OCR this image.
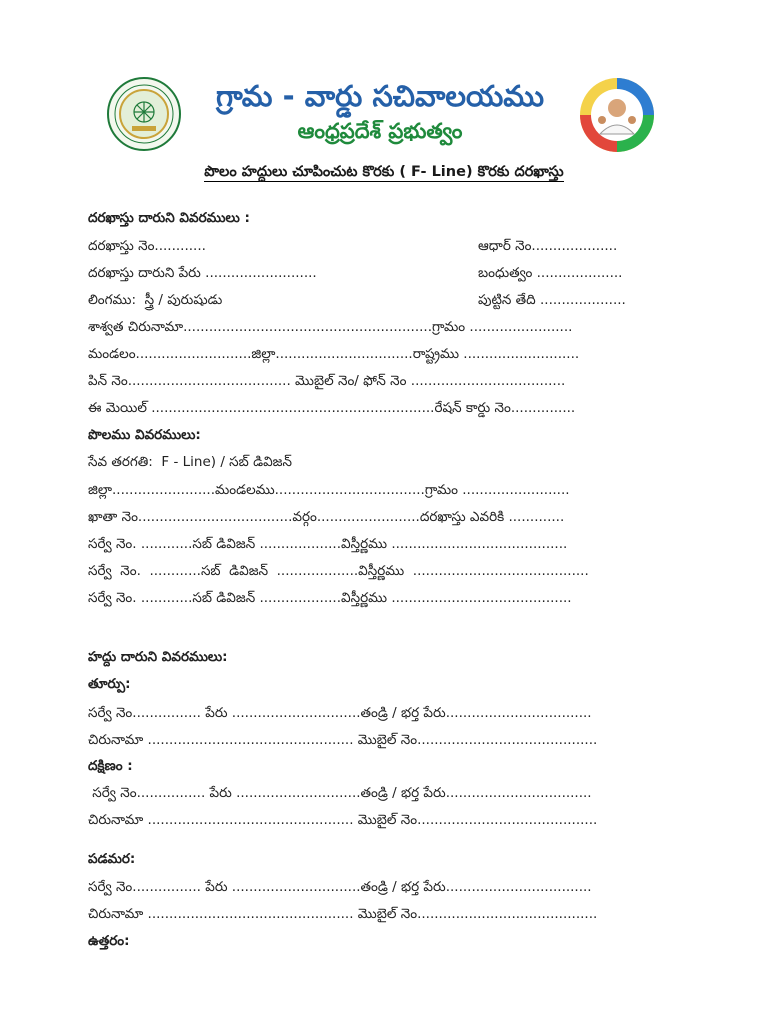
గ్రామ - వార్డు సచివాలయము
ఆంధ్రప్రదేశ్ ప్రభుత్వం
పొలం హద్దులు చూపించుట కొరకు ( F- Line) కొరకు దరఖాస్తు
దరఖాస్తు దారుని వివరములు :
దరఖాస్తు నెం............	ఆధార్ నెం....................
దరఖాస్తు దారుని పేరు ..........................	బంధుత్వం ....................
లింగము:  స్త్రీ / పురుషుడు	పుట్టిన తేది ....................
శాశ్వత చిరునామా..........................................................గ్రామం ........................
మండలం...........................జిల్లా................................రాష్ట్రము ...........................
పిన్ నెం...................................... మొబైల్ నెం/ ఫోన్ నెం ....................................
ఈ మెయిల్ ..................................................................రేషన్ కార్డు నెం...............
పొలము వివరములు:
సేవ తరగతి:  F - Line) / సబ్ డివిజన్
జిల్లా........................మండలము...................................గ్రామం .........................
ఖాతా నెం....................................వర్గం........................దరఖాస్తు ఎవరికి .............
సర్వే నెం. ............సబ్ డివిజన్ ...................విస్తీర్ణము .........................................
సర్వే  నెం.  ............సబ్  డివిజన్  ...................విస్తీర్ణము  .........................................
సర్వే నెం. ............సబ్ డివిజన్ ...................విస్తీర్ణము ..........................................
హద్దు దారుని వివరములు:
తూర్పు:
సర్వే నెం................ పేరు ..............................తండ్రి / భర్త పేరు..................................
చిరునామా ................................................ మొబైల్ నెం..........................................
దక్షిణం :
సర్వే నెం................ పేరు .............................తండ్రి / భర్త పేరు..................................
చిరునామా ................................................ మొబైల్ నెం..........................................
పడమర:
సర్వే నెం................ పేరు ..............................తండ్రి / భర్త పేరు..................................
చిరునామా ................................................ మొబైల్ నెం..........................................
ఉత్తరం:
